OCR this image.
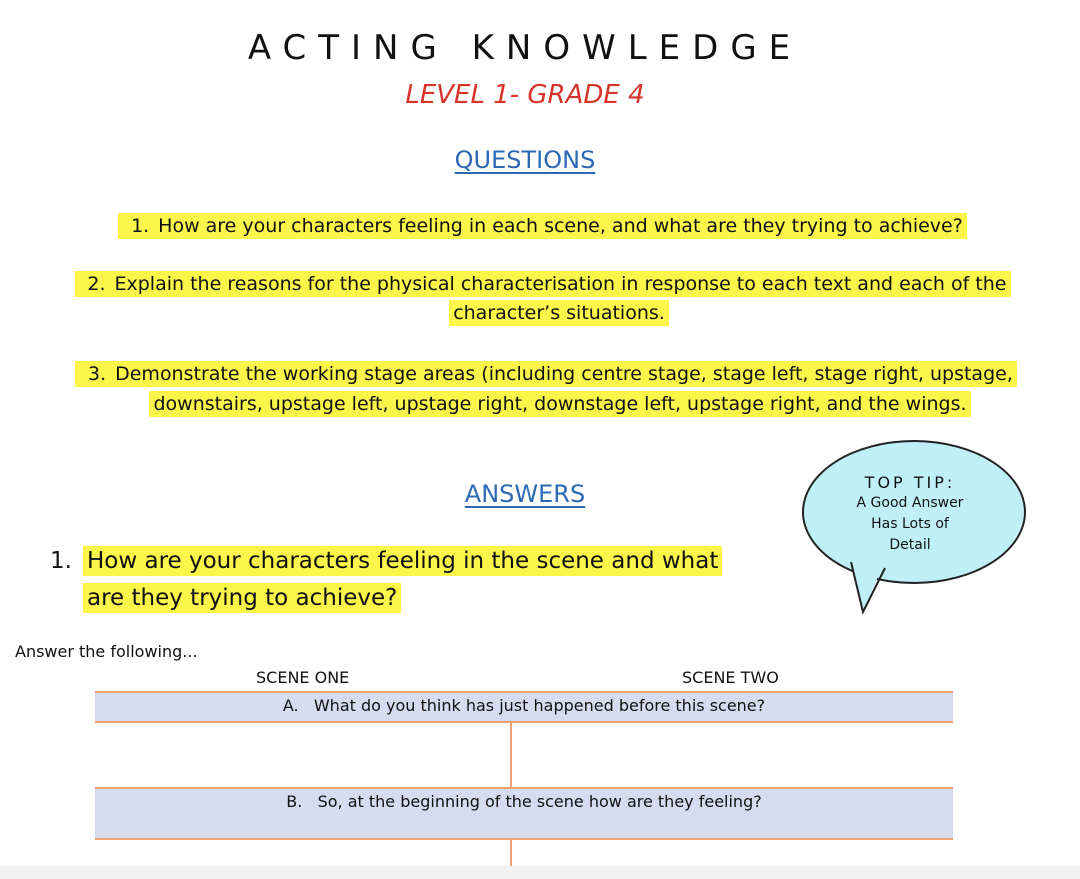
ACTING KNOWLEDGE
LEVEL 1- GRADE 4
QUESTIONS
1. How are your characters feeling in each scene, and what are they trying to achieve?
2. Explain the reasons for the physical characterisation in response to each text and each of the
character’s situations.
3. Demonstrate the working stage areas (including centre stage, stage left, stage right, upstage,
downstairs, upstage left, upstage right, downstage left, upstage right, and the wings.
ANSWERS
1. How are your characters feeling in the scene and what
are they trying to achieve?
Answer the following...
SCENE ONE	SCENE TWO
A. What do you think has just happened before this scene?
B. So, at the beginning of the scene how are they feeling?
TOP TIP:
A Good Answer
Has Lots of
Detail
